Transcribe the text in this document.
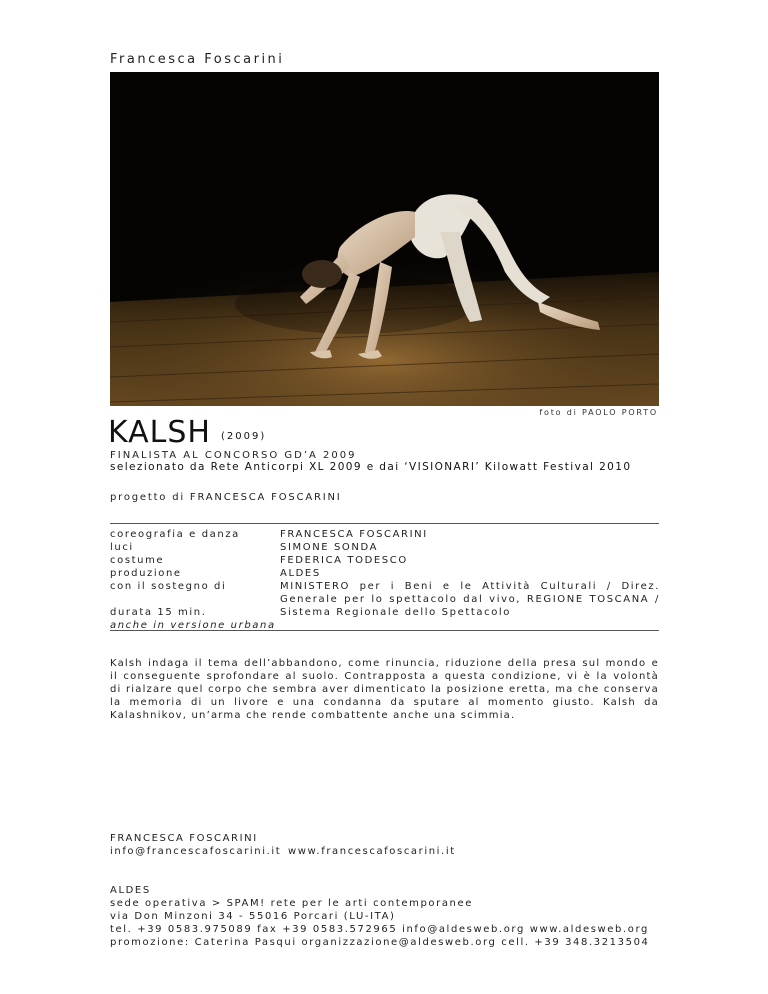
Francesca Foscarini
foto di PAOLO PORTO
KALSH (2009)
FINALISTA AL CONCORSO GD’A 2009
selezionato da Rete Anticorpi XL 2009 e dai ‘VISIONARI’ Kilowatt Festival 2010
progetto di FRANCESCA FOSCARINI
coreografia e danza	FRANCESCA FOSCARINI
luci	SIMONE SONDA
costume	FEDERICA TODESCO
produzione	ALDES
con il sostegno di	MINISTERO per i Beni e le Attività Culturali / Direz. Generale per lo spettacolo dal vivo, REGIONE TOSCANA / Sistema Regionale dello Spettacolo
durata 15 min.
anche in versione urbana
Kalsh indaga il tema dell’abbandono, come rinuncia, riduzione della presa sul mondo e il conseguente sprofondare al suolo. Contrapposta a questa condizione, vi è la volontà di rialzare quel corpo che sembra aver dimenticato la posizione eretta, ma che conserva la memoria di un livore e una condanna da sputare al momento giusto. Kalsh da Kalashnikov, un’arma che rende combattente anche una scimmia.
FRANCESCA FOSCARINI
info@francescafoscarini.it www.francescafoscarini.it
ALDES
sede operativa > SPAM! rete per le arti contemporanee
via Don Minzoni 34 - 55016 Porcari (LU-ITA)
tel. +39 0583.975089 fax +39 0583.572965 info@aldesweb.org www.aldesweb.org
promozione: Caterina Pasqui organizzazione@aldesweb.org cell. +39 348.3213504
